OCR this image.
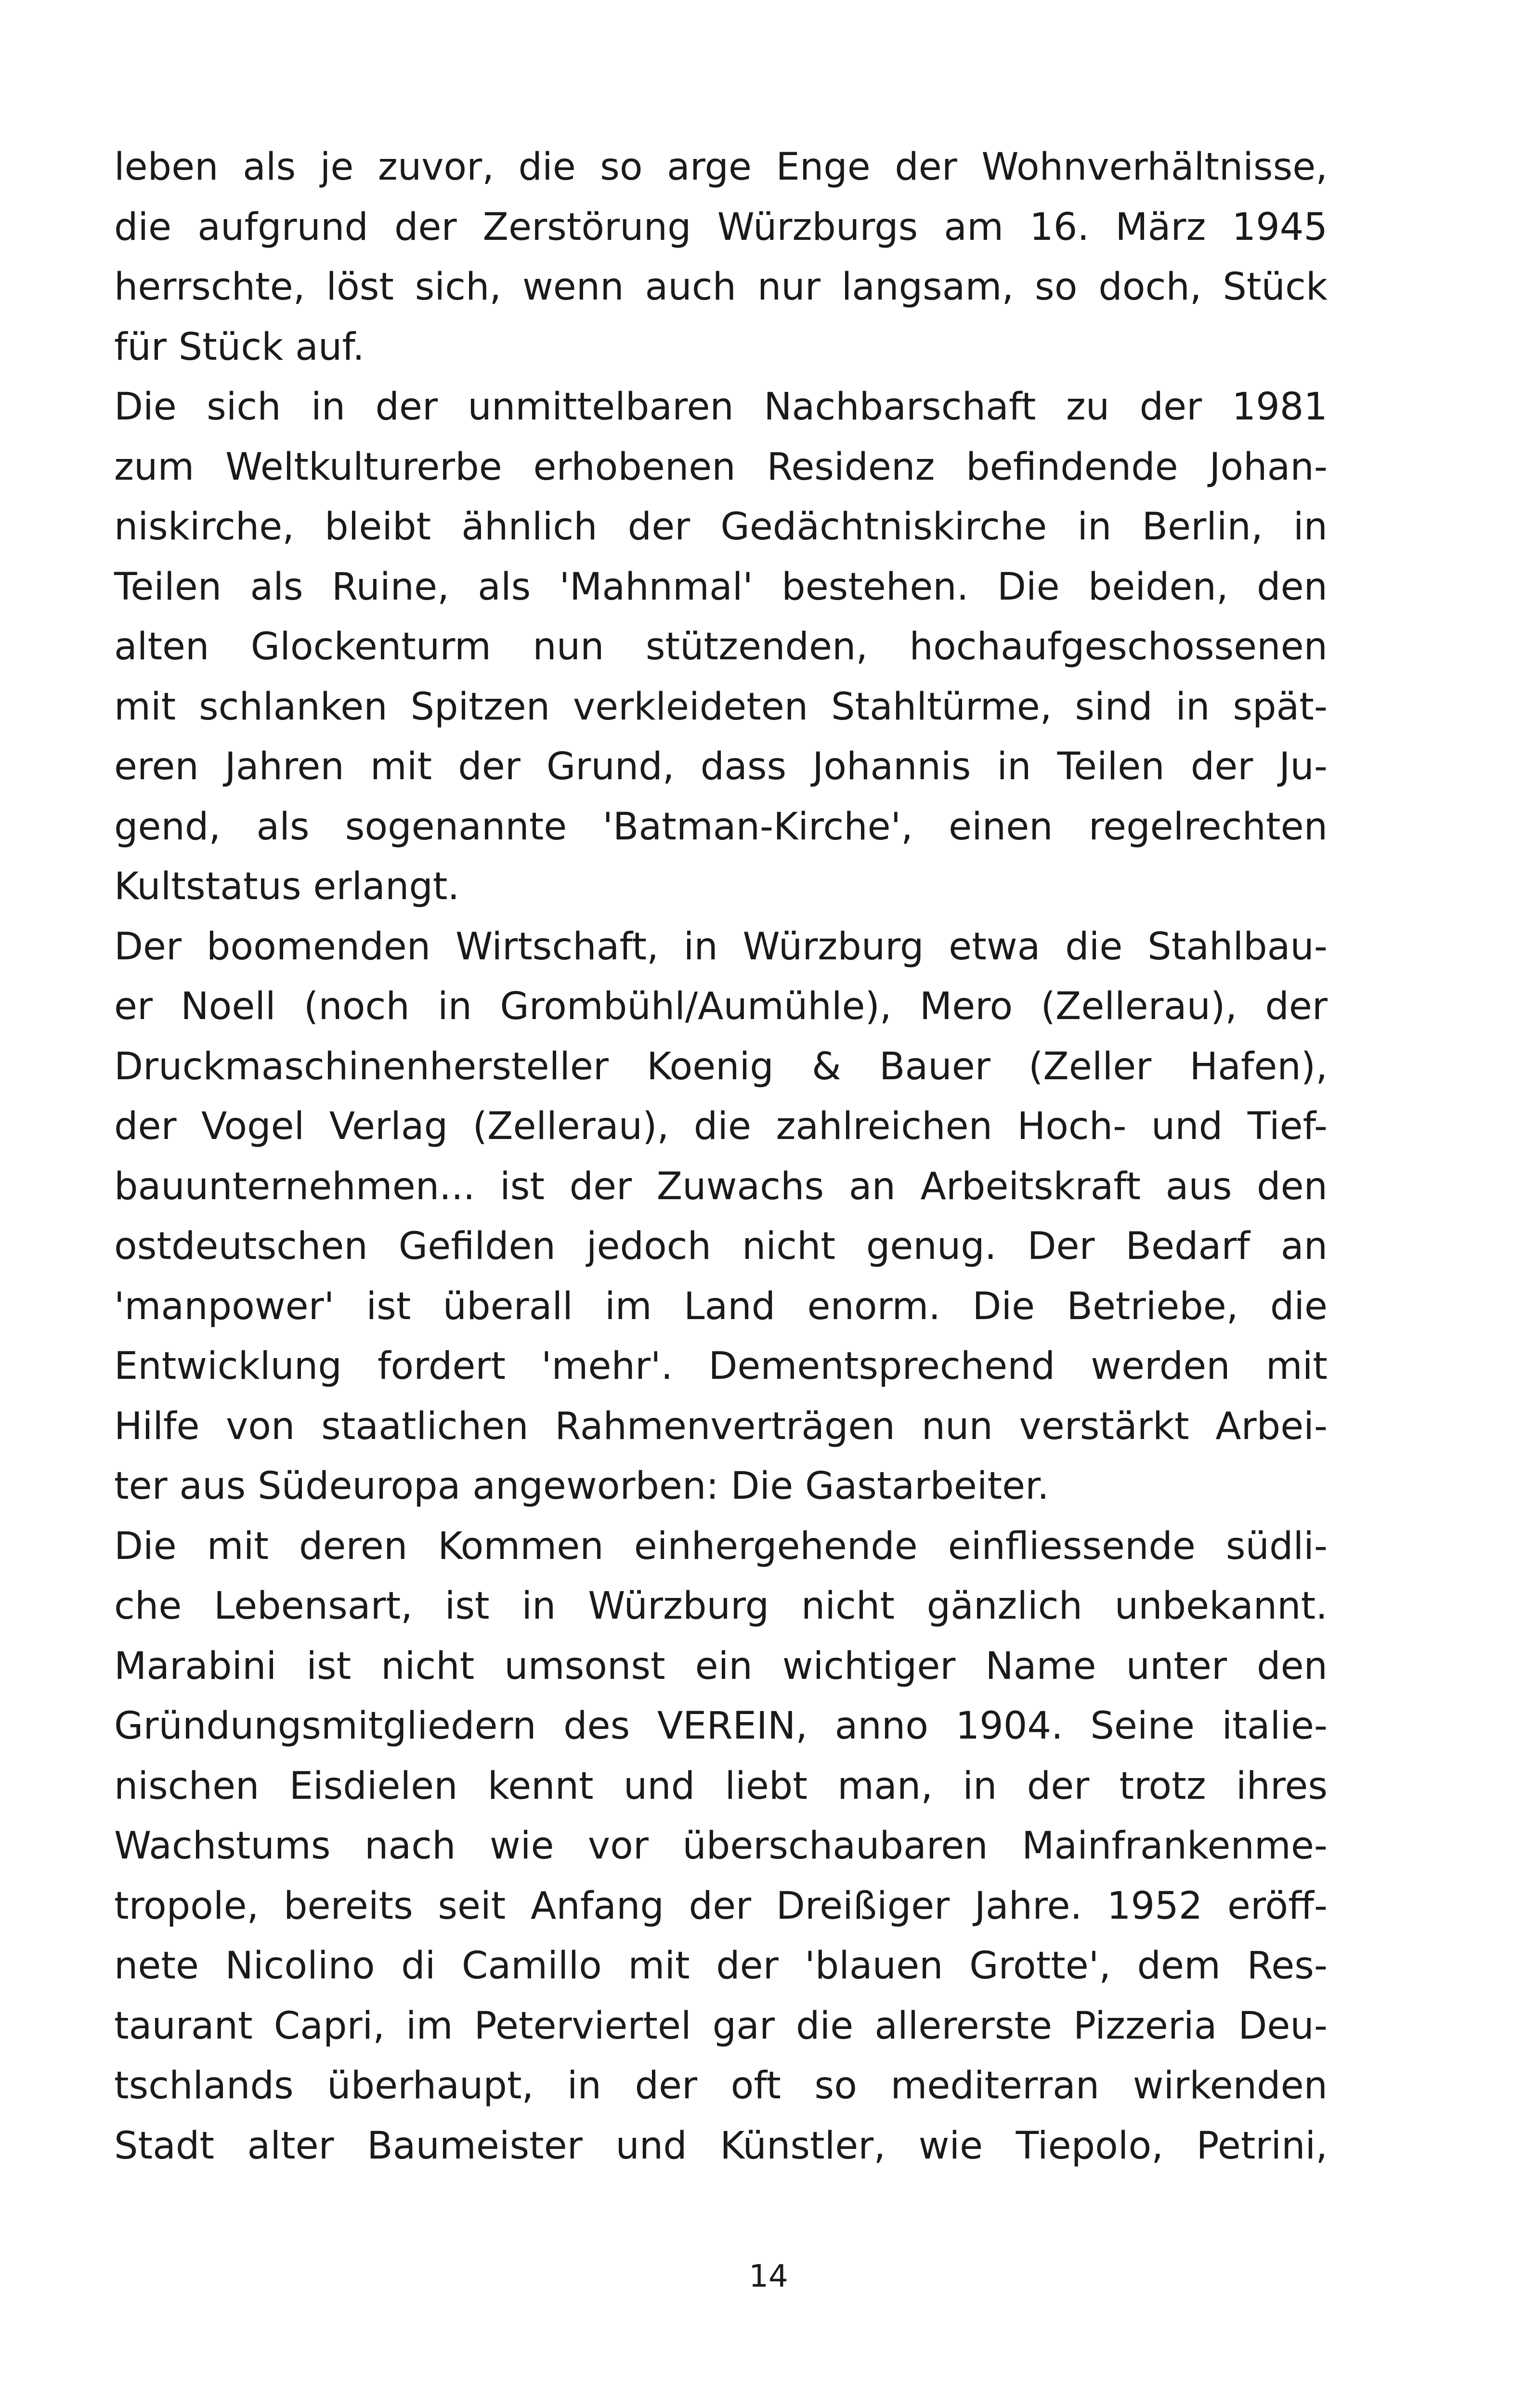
leben als je zuvor, die so arge Enge der Wohnverhältnisse,
die aufgrund der Zerstörung Würzburgs am 16. März 1945
herrschte, löst sich, wenn auch nur langsam, so doch, Stück
für Stück auf.
Die sich in der unmittelbaren Nachbarschaft zu der 1981
zum Weltkulturerbe erhobenen Residenz befindende Johan-
niskirche, bleibt ähnlich der Gedächtniskirche in Berlin, in
Teilen als Ruine, als 'Mahnmal' bestehen. Die beiden, den
alten Glockenturm nun stützenden, hochaufgeschossenen
mit schlanken Spitzen verkleideten Stahltürme, sind in spät-
eren Jahren mit der Grund, dass Johannis in Teilen der Ju-
gend, als sogenannte 'Batman-Kirche', einen regelrechten
Kultstatus erlangt.
Der boomenden Wirtschaft, in Würzburg etwa die Stahlbau-
er Noell (noch in Grombühl/Aumühle), Mero (Zellerau), der
Druckmaschinenhersteller Koenig & Bauer (Zeller Hafen),
der Vogel Verlag (Zellerau), die zahlreichen Hoch- und Tief-
bauunternehmen... ist der Zuwachs an Arbeitskraft aus den
ostdeutschen Gefilden jedoch nicht genug. Der Bedarf an
'manpower' ist überall im Land enorm. Die Betriebe, die
Entwicklung fordert 'mehr'. Dementsprechend werden mit
Hilfe von staatlichen Rahmenverträgen nun verstärkt Arbei-
ter aus Südeuropa angeworben: Die Gastarbeiter.
Die mit deren Kommen einhergehende einfliessende südli-
che Lebensart, ist in Würzburg nicht gänzlich unbekannt.
Marabini ist nicht umsonst ein wichtiger Name unter den
Gründungsmitgliedern des VEREIN, anno 1904. Seine italie-
nischen Eisdielen kennt und liebt man, in der trotz ihres
Wachstums nach wie vor überschaubaren Mainfrankenme-
tropole, bereits seit Anfang der Dreißiger Jahre. 1952 eröff-
nete Nicolino di Camillo mit der 'blauen Grotte', dem Res-
taurant Capri, im Peterviertel gar die allererste Pizzeria Deu-
tschlands überhaupt, in der oft so mediterran wirkenden
Stadt alter Baumeister und Künstler, wie Tiepolo, Petrini,
14
